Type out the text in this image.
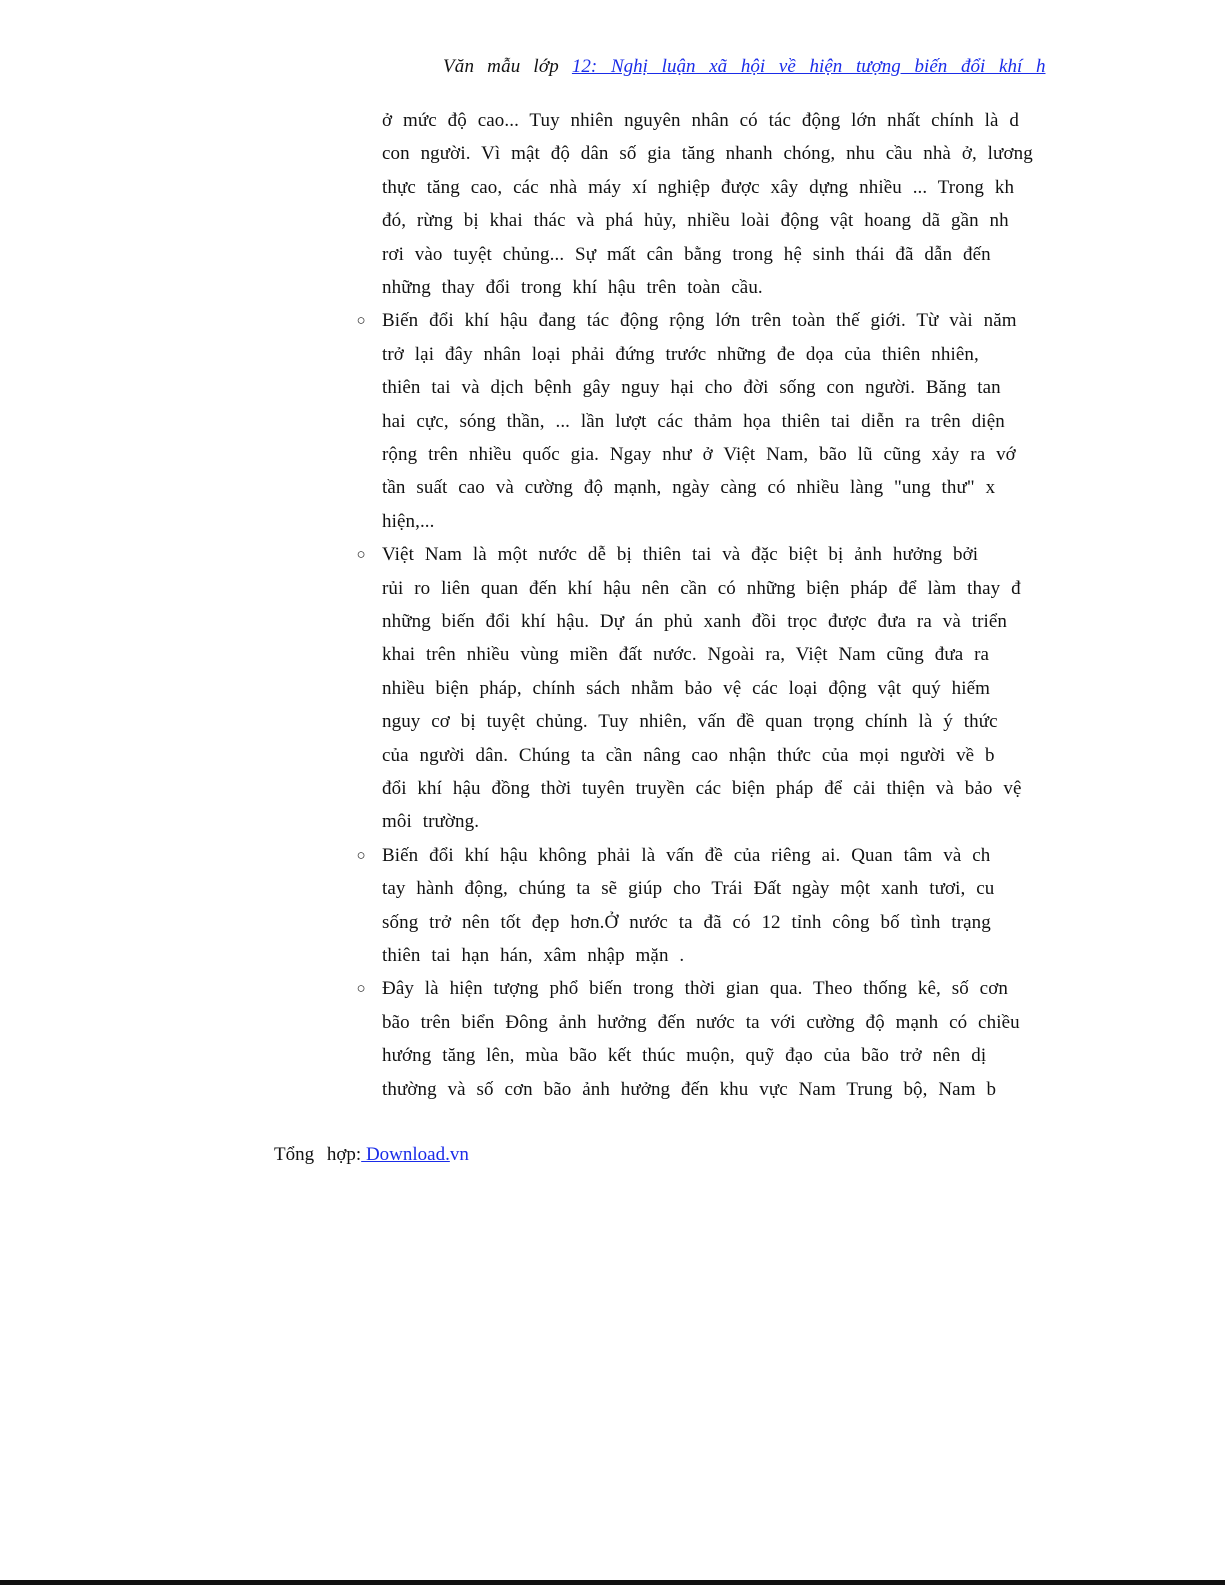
Văn mẫu lớp 12: Nghị luận xã hội về hiện tượng biến đổi khí h
ở mức độ cao... Tuy nhiên nguyên nhân có tác động lớn nhất chính là d
con người. Vì mật độ dân số gia tăng nhanh chóng, nhu cầu nhà ở, lương
thực tăng cao, các nhà máy xí nghiệp được xây dựng nhiều ... Trong kh
đó, rừng bị khai thác và phá hủy, nhiều loài động vật hoang dã gần nh
rơi vào tuyệt chủng... Sự mất cân bằng trong hệ sinh thái đã dẫn đến
những thay đổi trong khí hậu trên toàn cầu.
○ Biến đổi khí hậu đang tác động rộng lớn trên toàn thế giới. Từ vài năm
trở lại đây nhân loại phải đứng trước những đe dọa của thiên nhiên,
thiên tai và dịch bệnh gây nguy hại cho đời sống con người. Băng tan
hai cực, sóng thần, ... lần lượt các thảm họa thiên tai diễn ra trên diện
rộng trên nhiều quốc gia. Ngay như ở Việt Nam, bão lũ cũng xảy ra vớ
tần suất cao và cường độ mạnh, ngày càng có nhiều làng "ung thư" x
hiện,...
○ Việt Nam là một nước dễ bị thiên tai và đặc biệt bị ảnh hưởng bởi
rủi ro liên quan đến khí hậu nên cần có những biện pháp để làm thay đ
những biến đổi khí hậu. Dự án phủ xanh đồi trọc được đưa ra và triển
khai trên nhiều vùng miền đất nước. Ngoài ra, Việt Nam cũng đưa ra
nhiều biện pháp, chính sách nhằm bảo vệ các loại động vật quý hiếm
nguy cơ bị tuyệt chủng. Tuy nhiên, vấn đề quan trọng chính là ý thức
của người dân. Chúng ta cần nâng cao nhận thức của mọi người về b
đổi khí hậu đồng thời tuyên truyền các biện pháp để cải thiện và bảo vệ
môi trường.
○ Biến đổi khí hậu không phải là vấn đề của riêng ai. Quan tâm và ch
tay hành động, chúng ta sẽ giúp cho Trái Đất ngày một xanh tươi, cu
sống trở nên tốt đẹp hơn.Ở nước ta đã có 12 tỉnh công bố tình trạng
thiên tai hạn hán, xâm nhập mặn .
○ Đây là hiện tượng phổ biến trong thời gian qua. Theo thống kê, số cơn
bão trên biển Đông ảnh hưởng đến nước ta với cường độ mạnh có chiều
hướng tăng lên, mùa bão kết thúc muộn, quỹ đạo của bão trở nên dị
thường và số cơn bão ảnh hưởng đến khu vực Nam Trung bộ, Nam b
Tổng hợp: Download.vn
